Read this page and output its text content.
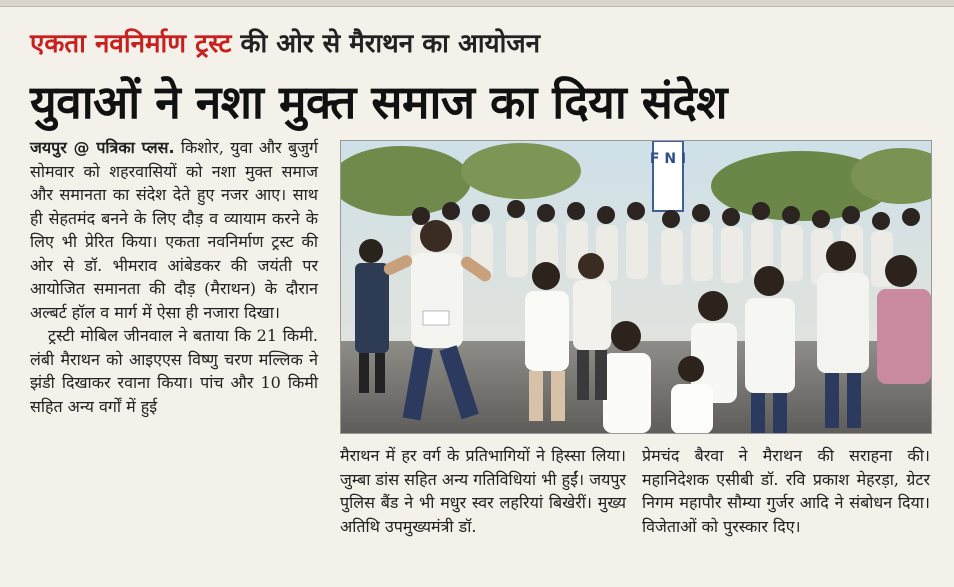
एकता नवनिर्माण ट्रस्ट की ओर से मैराथन का आयोजन
युवाओं ने नशा मुक्त समाज का दिया संदेश

जयपुर @ पत्रिका प्लस. किशोर, युवा और बुजुर्ग सोमवार को शहरवासियों को नशा मुक्त समाज और समानता का संदेश देते हुए नजर आए। साथ ही सेहतमंद बनने के लिए दौड़ व व्यायाम करने के लिए भी प्रेरित किया। एकता नवनिर्माण ट्रस्ट की ओर से डॉ. भीमराव आंबेडकर की जयंती पर आयोजित समानता की दौड़ (मैराथन) के दौरान अल्बर्ट हॉल व मार्ग में ऐसा ही नजारा दिखा।

ट्रस्टी मोबिल जीनवाल ने बताया कि 21 किमी. लंबी मैराथन को आइएएस विष्णु चरण मल्लिक ने झंडी दिखाकर रवाना किया। पांच और 10 किमी सहित अन्य वर्गों में हुई

F N I
मैराथन में हर वर्ग के प्रतिभागियों ने हिस्सा लिया। जुम्बा डांस सहित अन्य गतिविधियां भी हुईं। जयपुर पुलिस बैंड ने भी मधुर स्वर लहरियां बिखेरीं। मुख्य अतिथि उपमुख्यमंत्री डॉ.
प्रेमचंद बैरवा ने मैराथन की सराहना की। महानिदेशक एसीबी डॉ. रवि प्रकाश मेहरड़ा, ग्रेटर निगम महापौर सौम्या गुर्जर आदि ने संबोधन दिया। विजेताओं को पुरस्कार दिए।
